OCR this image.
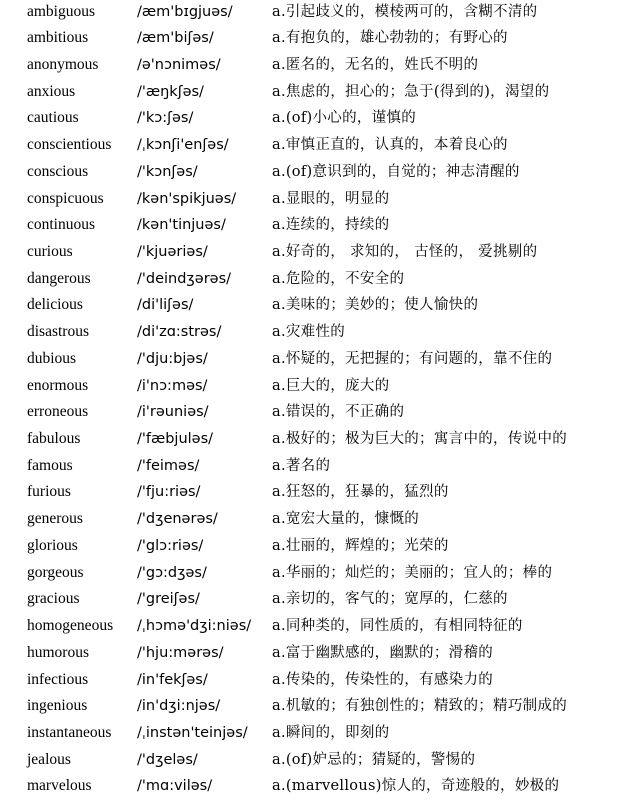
ambiguous	/æm'bɪgjuəs/	a.引起歧义的，模棱两可的，含糊不清的
ambitious	/æm'biʃəs/	a.有抱负的，雄心勃勃的；有野心的
anonymous	/ə'nɔniməs/	a.匿名的，无名的，姓氏不明的
anxious	/'æŋkʃəs/	a.焦虑的，担心的；急于(得到的)，渴望的
cautious	/'kɔ:ʃəs/	a.(of)小心的，谨慎的
conscientious /ˌkɔnʃi'enʃəs/	a.审慎正直的，认真的，本着良心的
conscious	/'kɔnʃəs/	a.(of)意识到的，自觉的；神志清醒的
conspicuous /kən'spikjuəs/ a.显眼的，明显的
continuous	/kən'tinjuəs/	a.连续的，持续的
curious	/'kjuəriəs/	a.好奇的， 求知的， 古怪的， 爱挑剔的
dangerous	/'deindʒərəs/	a.危险的，不安全的
delicious	/di'liʃəs/	a.美味的；美妙的；使人愉快的
disastrous	/di'zɑ:strəs/	a.灾难性的
dubious	/'dju:bjəs/	a.怀疑的，无把握的；有问题的，靠不住的
enormous	/i'nɔ:məs/	a.巨大的，庞大的
erroneous	/i'rəuniəs/	a.错误的，不正确的
fabulous	/'fæbjuləs/	a.极好的；极为巨大的；寓言中的，传说中的
famous	/'feiməs/	a.著名的
furious	/'fju:riəs/	a.狂怒的，狂暴的，猛烈的
generous	/'dʒenərəs/	a.宽宏大量的，慷慨的
glorious	/'glɔ:riəs/	a.壮丽的，辉煌的；光荣的
gorgeous	/'gɔ:dʒəs/	a.华丽的；灿烂的；美丽的；宜人的；棒的
gracious	/'greiʃəs/	a.亲切的，客气的；宽厚的，仁慈的
homogeneous /ˌhɔmə'dʒi:niəs/ a.同种类的，同性质的，有相同特征的
humorous	/'hju:mərəs/	a.富于幽默感的，幽默的；滑稽的
infectious	/in'fekʃəs/	a.传染的，传染性的，有感染力的
ingenious	/in'dʒi:njəs/	a.机敏的；有独创性的；精致的；精巧制成的
instantaneous /ˌinstən'teinjəs/ a.瞬间的，即刻的
jealous	/'dʒeləs/	a.(of)妒忌的；猜疑的，警惕的
marvelous	/'mɑ:viləs/	a.(marvellous)惊人的，奇迹般的，妙极的
